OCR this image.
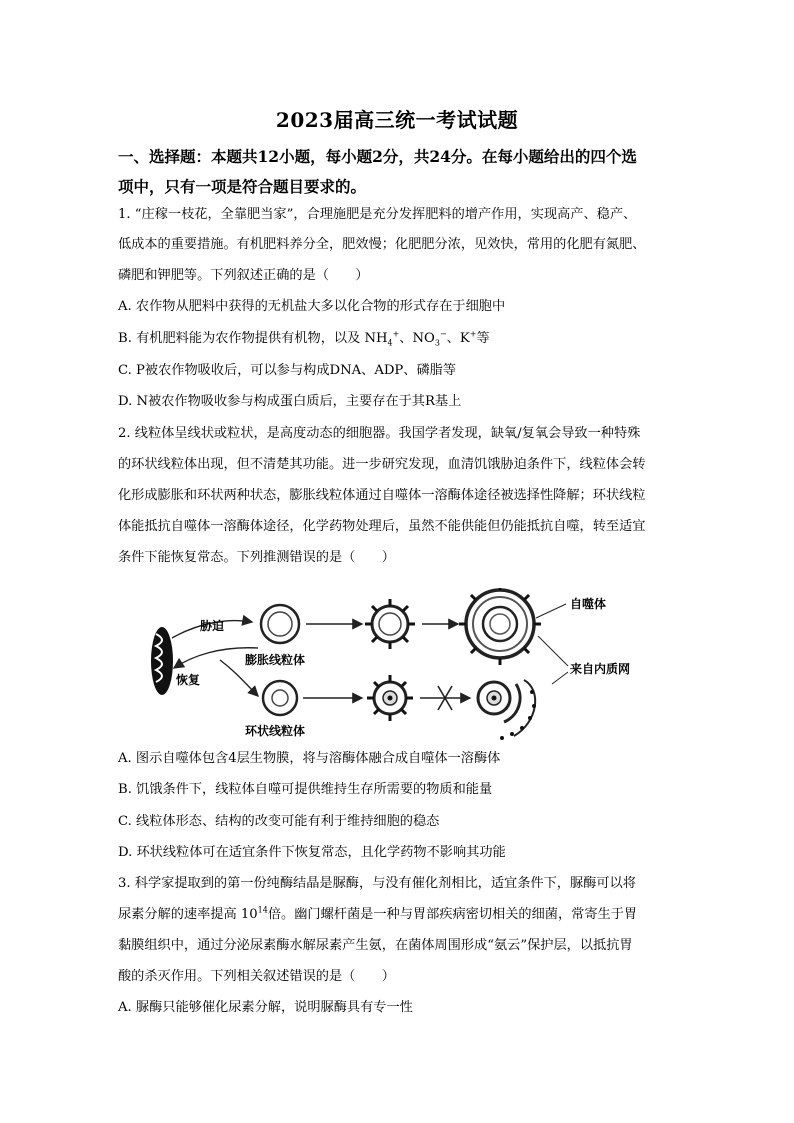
2023届高三统一考试试题
一、选择题：本题共12小题，每小题2分，共24分。在每小题给出的四个选
项中，只有一项是符合题目要求的。
1. “庄稼一枝花，全靠肥当家”，合理施肥是充分发挥肥料的增产作用，实现高产、稳产、
低成本的重要措施。有机肥料养分全，肥效慢；化肥肥分浓，见效快，常用的化肥有氮肥、
磷肥和钾肥等。下列叙述正确的是（　　）
A. 农作物从肥料中获得的无机盐大多以化合物的形式存在于细胞中
B. 有机肥料能为农作物提供有机物，以及 $NH_4^+$、$NO_3^-$、K+等
C. P被农作物吸收后，可以参与构成DNA、ADP、磷脂等
D. N被农作物吸收参与构成蛋白质后，主要存在于其R基上
2. 线粒体呈线状或粒状，是高度动态的细胞器。我国学者发现，缺氧/复氧会导致一种特殊
的环状线粒体出现，但不清楚其功能。进一步研究发现，血清饥饿胁迫条件下，线粒体会转
化形成膨胀和环状两种状态，膨胀线粒体通过自噬体一溶酶体途径被选择性降解；环状线粒
体能抵抗自噬体一溶酶体途径，化学药物处理后，虽然不能供能但仍能抵抗自噬，转至适宜
条件下能恢复常态。下列推测错误的是（　　）
胁迫
恢复
膨胀线粒体
环状线粒体
自噬体
来自内质网
A. 图示自噬体包含4层生物膜，将与溶酶体融合成自噬体一溶酶体
B. 饥饿条件下，线粒体自噬可提供维持生存所需要的物质和能量
C. 线粒体形态、结构的改变可能有利于维持细胞的稳态
D. 环状线粒体可在适宜条件下恢复常态，且化学药物不影响其功能
3. 科学家提取到的第一份纯酶结晶是脲酶，与没有催化剂相比，适宜条件下，脲酶可以将
尿素分解的速率提高 $10^{14}$倍。幽门螺杆菌是一种与胃部疾病密切相关的细菌，常寄生于胃
黏膜组织中，通过分泌尿素酶水解尿素产生氨，在菌体周围形成“氨云”保护层，以抵抗胃
酸的杀灭作用。下列相关叙述错误的是（　　）
A. 脲酶只能够催化尿素分解，说明脲酶具有专一性
